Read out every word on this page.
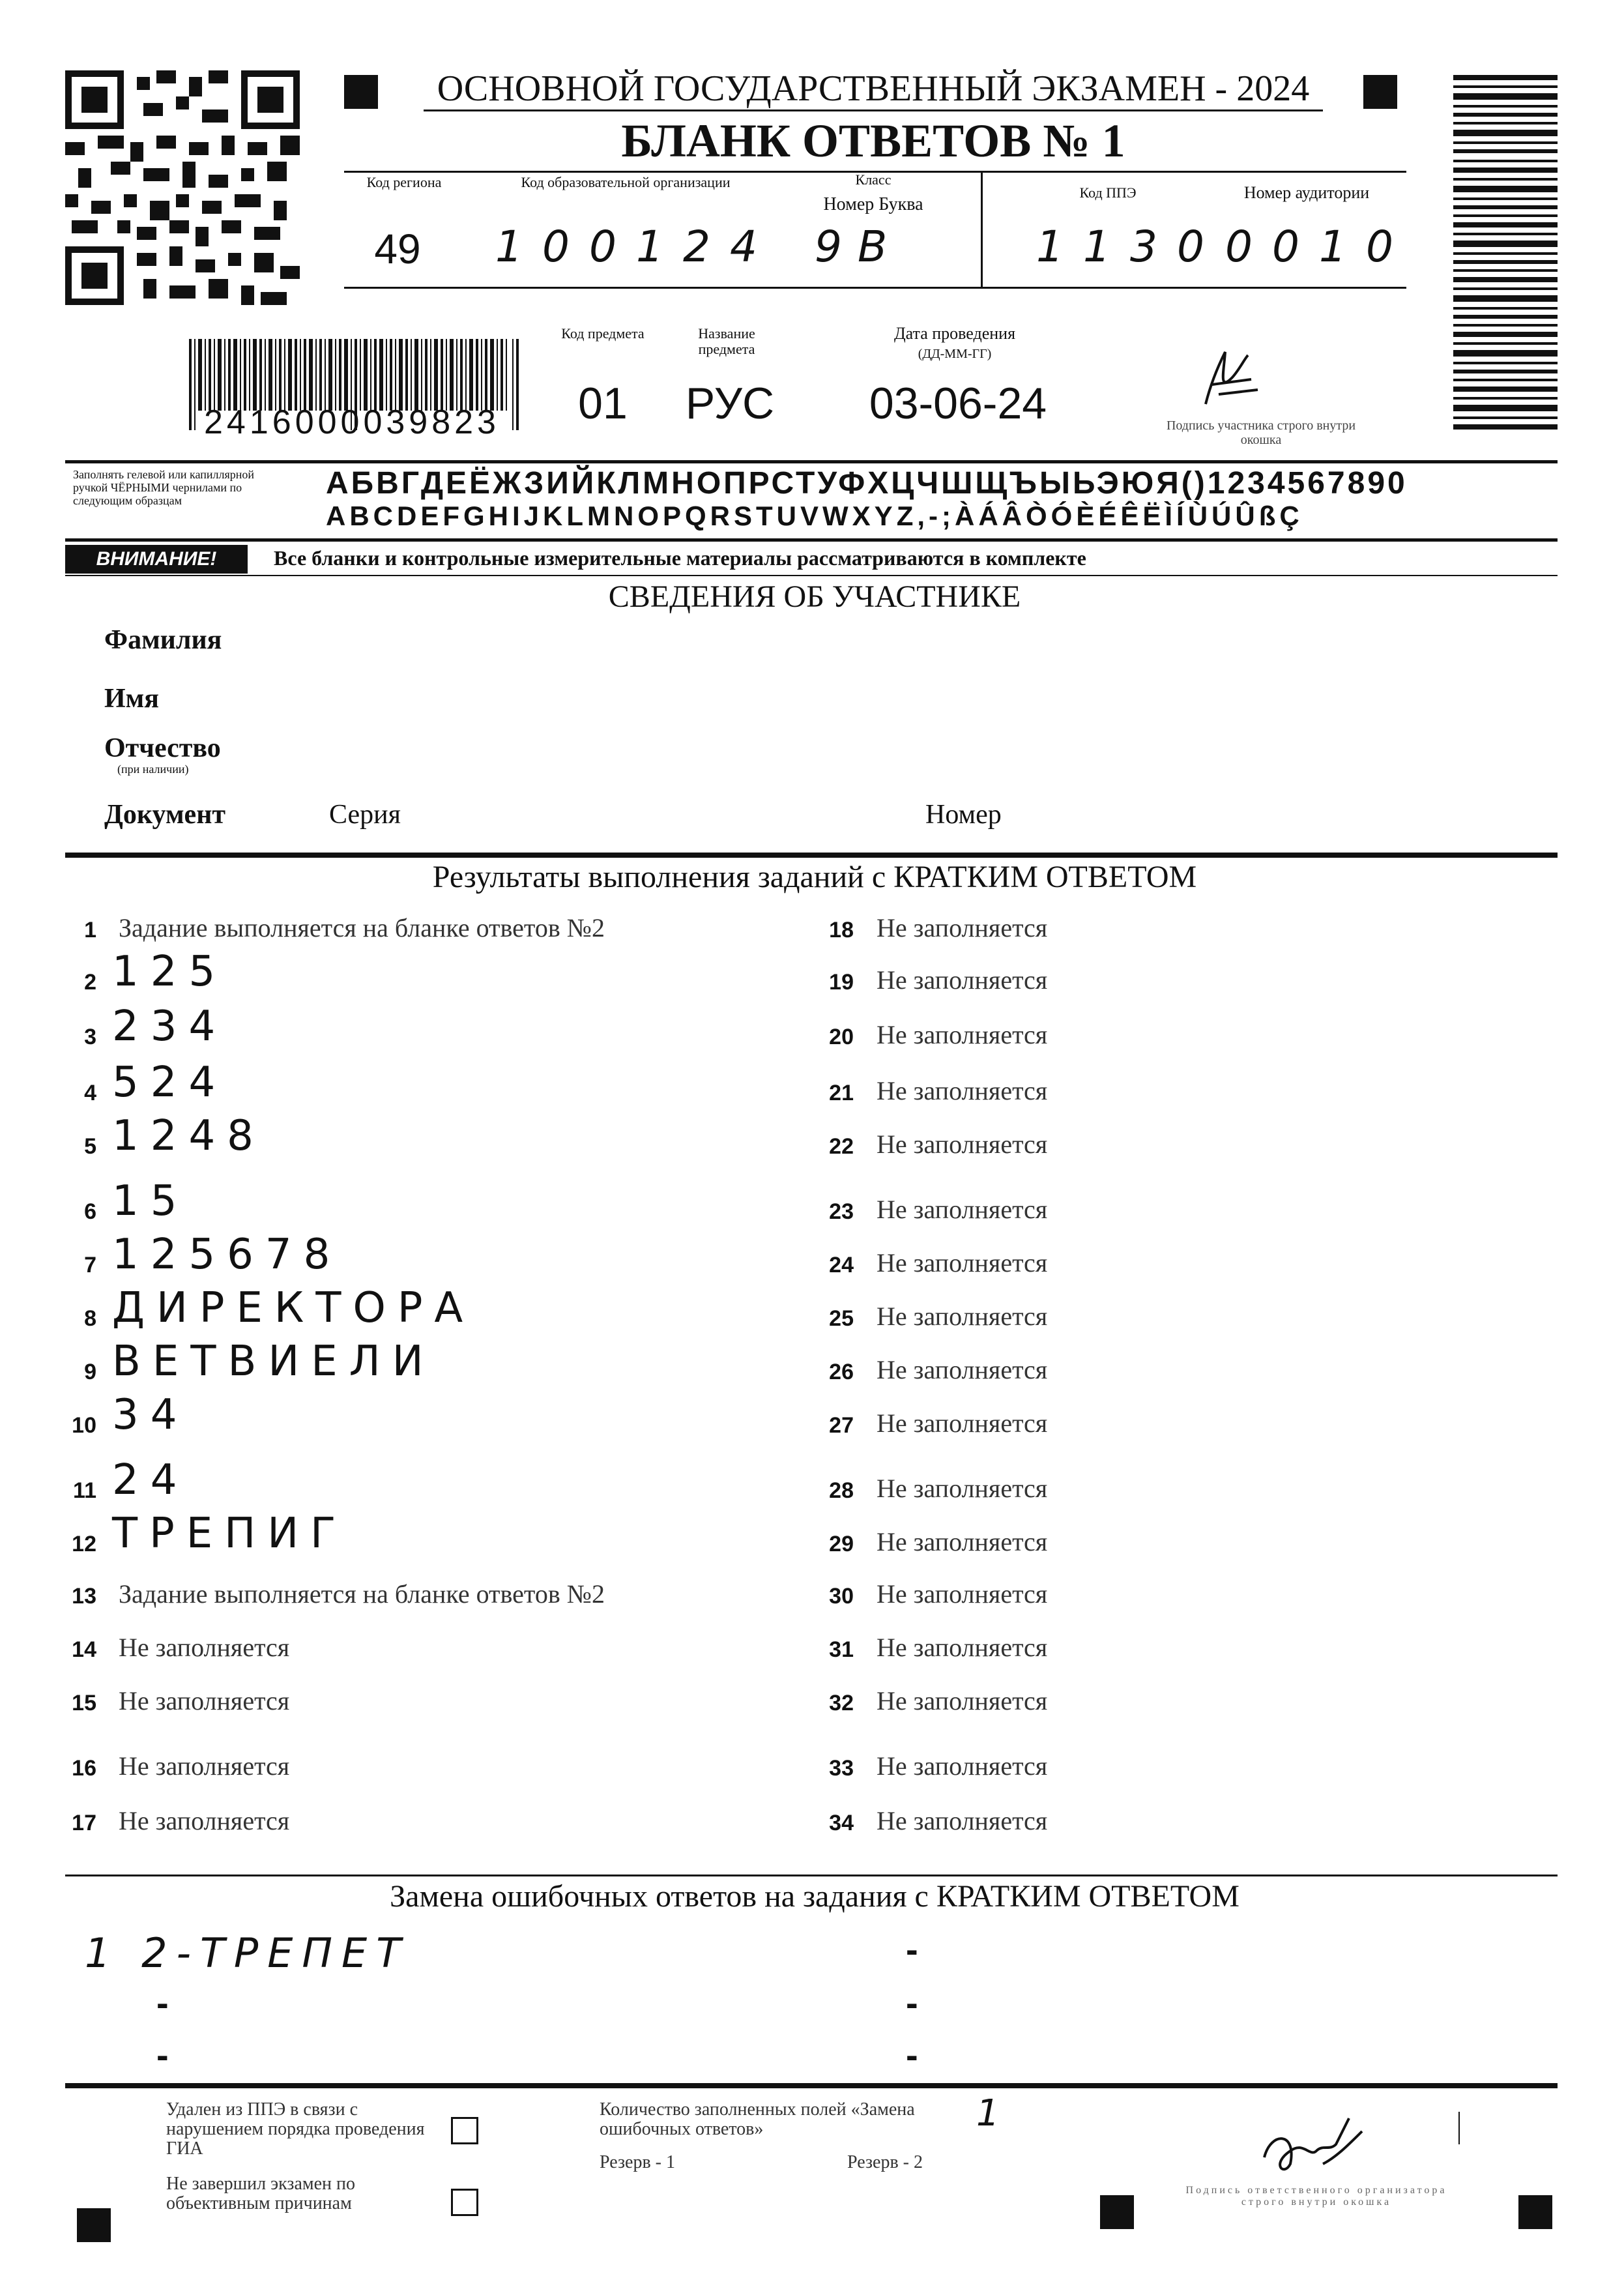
ОСНОВНОЙ ГОСУДАРСТВЕННЫЙ ЭКЗАМЕН - 2024
БЛАНК ОТВЕТОВ № 1
Код региона
49
Код образовательной организации
100124
Класс
Номер Буква
9В
Код ППЭ
1130
Номер аудитории
0010
2416000039823
Код предмета
01
Название предмета
РУС
Дата проведения
(ДД-ММ-ГГ)
03-06-24	Подпись участника строго внутри окошка
Заполнять гелевой или капиллярной ручкой ЧЁРНЫМИ чернилами по следующим образцам	АБВГДЕЁЖЗИЙКЛМНОПРСТУФХЦЧШЩЪЫЬЭЮЯ()1234567890
ABCDEFGHIJKLMNOPQRSTUVWXYZ,-;ÀÁÂÒÓÈÉÊËÌÍÙÚÛßÇ
ВНИМАНИЕ!	Все бланки и контрольные измерительные материалы рассматриваются в комплекте
СВЕДЕНИЯ ОБ УЧАСТНИКЕ
Фамилия
Имя
Отчество
(при наличии)
Документ	Серия	Номер
Результаты выполнения заданий с КРАТКИМ ОТВЕТОМ
1 Задание выполняется на бланке ответов №2
2 125
3 234
4 524
5 1248
6 15
7 125678
8 ДИРЕКТОРА
9 ВЕТВИЕЛИ
10 34
11 24
12 ТРЕПИГ
13 Задание выполняется на бланке ответов №2
14 Не заполняется
15 Не заполняется
16 Не заполняется
17 Не заполняется
18 Не заполняется
19 Не заполняется
20 Не заполняется
21 Не заполняется
22 Не заполняется
23 Не заполняется
24 Не заполняется
25 Не заполняется
26 Не заполняется
27 Не заполняется
28 Не заполняется
29 Не заполняется
30 Не заполняется
31 Не заполняется
32 Не заполняется
33 Не заполняется
34 Не заполняется
Замена ошибочных ответов на задания с КРАТКИМ ОТВЕТОМ
1 2-ТРЕПЕТ
-
-
-
-
-
Удален из ППЭ в связи с нарушением порядка проведения ГИА
Не завершил экзамен по объективным причинам
Количество заполненных полей «Замена ошибочных ответов»	1
Резерв - 1	Резерв - 2
Подпись ответственного организатора строго внутри окошка
